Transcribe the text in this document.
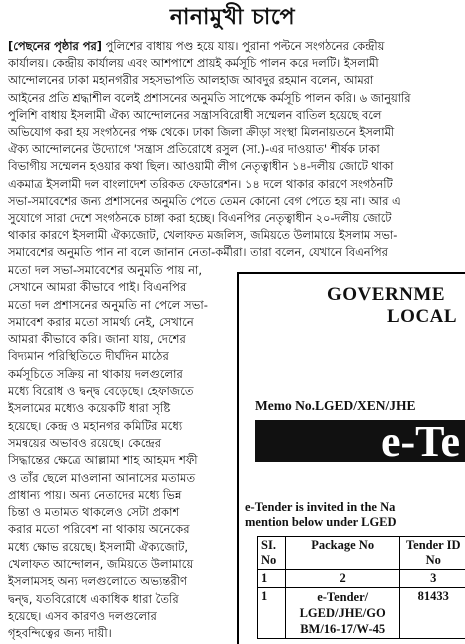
নানামুখী চাপে
[পেছনের পৃষ্ঠার পর] পুলিশের বাধায় পণ্ড হয়ে যায়। পুরানা পল্টনে সংগঠনের কেন্দ্রীয়
কার্যালয়। কেন্দ্রীয় কার্যালয় এবং আশপাশে প্রায়ই কর্মসূচি পালন করে দলটি। ইসলামী
আন্দোলনের ঢাকা মহানগরীর সহসভাপতি আলহাজ আবদুর রহমান বলেন, আমরা
আইনের প্রতি শ্রদ্ধাশীল বলেই প্রশাসনের অনুমতি সাপেক্ষে কর্মসূচি পালন করি। ৬ জানুয়ারি
পুলিশি বাধায় ইসলামী ঐক্য আন্দোলনের সন্ত্রাসবিরোধী সম্মেলন বাতিল হয়েছে বলে
অভিযোগ করা হয় সংগঠনের পক্ষ থেকে। ঢাকা জিলা ক্রীড়া সংস্থা মিলনায়তনে ইসলামী
ঐক্য আন্দোলনের উদ্যোগে 'সন্ত্রাস প্রতিরোধে রসুল (সা.)-এর দাওয়াত' শীর্ষক ঢাকা
বিভাগীয় সম্মেলন হওয়ার কথা ছিল। আওয়ামী লীগ নেতৃত্বাধীন ১৪-দলীয় জোটে থাকা
একমাত্র ইসলামী দল বাংলাদেশ তরিকত ফেডারেশন। ১৪ দলে থাকার কারণে সংগঠনটি
সভা-সমাবেশের জন্য প্রশাসনের অনুমতি পেতে তেমন কোনো বেগ পেতে হয় না। আর এ
সুযোগে সারা দেশে সংগঠনকে চাঙ্গা করা হচ্ছে। বিএনপির নেতৃত্বাধীন ২০-দলীয় জোটে
থাকার কারণে ইসলামী ঐক্যজোট, খেলাফত মজলিস, জমিয়তে উলামায়ে ইসলাম সভা-
সমাবেশের অনুমতি পান না বলে জানান নেতা-কর্মীরা। তারা বলেন, যেখানে বিএনপির
মতো দল সভা-সমাবেশের অনুমতি পায় না,
সেখানে আমরা কীভাবে পাই। বিএনপির
মতো দল প্রশাসনের অনুমতি না পেলে সভা-
সমাবেশ করার মতো সামর্থ্য নেই, সেখানে
আমরা কীভাবে করি। জানা যায়, দেশের
বিদ্যমান পরিস্থিতিতে দীর্ঘদিন মাঠের
কর্মসূচিতে সক্রিয় না থাকায় দলগুলোর
মধ্যে বিরোধ ও দ্বন্দ্ব বেড়েছে। হেফাজতে
ইসলামের মধ্যেও কয়েকটি ধারা সৃষ্টি
হয়েছে। কেন্দ্র ও মহানগর কমিটির মধ্যে
সমন্বয়ের অভাবও রয়েছে। কেন্দ্রের
সিদ্ধান্তের ক্ষেত্রে আল্লামা শাহ আহমদ শফী
ও তাঁর ছেলে মাওলানা আনাসের মতামত
প্রাধান্য পায়। অন্য নেতাদের মধ্যে ভিন্ন
চিন্তা ও মতামত থাকলেও সেটা প্রকাশ
করার মতো পরিবেশ না থাকায় অনেকের
মধ্যে ক্ষোভ রয়েছে। ইসলামী ঐক্যজোট,
খেলাফত আন্দোলন, জমিয়তে উলামায়ে
ইসলামসহ অন্য দলগুলোতে অভ্যন্তরীণ
দ্বন্দ্ব, যতবিরোধে একাধিক ধারা তৈরি
হয়েছে। এসব কারণও দলগুলোর
গৃহবন্দিত্বের জন্য দায়ী।
GOVERNME
LOCAL
Memo No.LGED/XEN/JHE
e-Te
e-Tender is invited in the Na
mention below under LGED
SI. No	Package No	Tender ID No
1	2	3
1	e-Tender/ LGED/JHE/GO BM/16-17/W-45	81433
